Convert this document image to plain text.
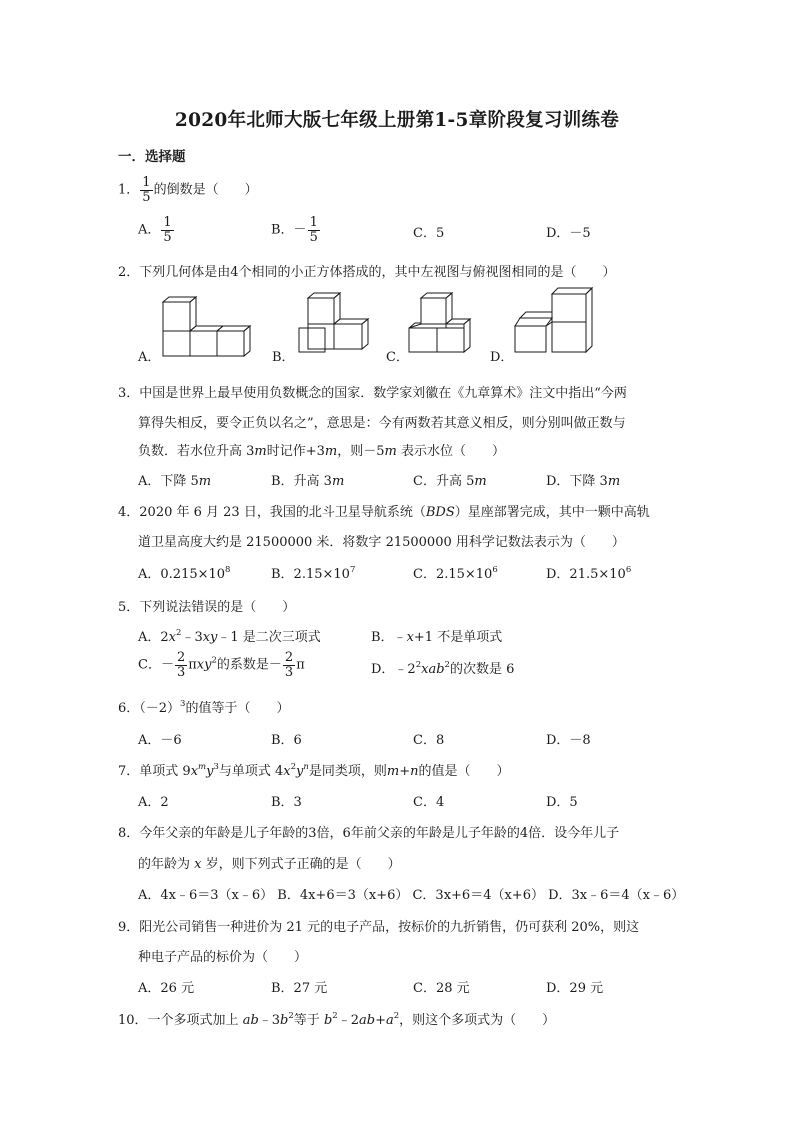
2020年北师大版七年级上册第1-5章阶段复习训练卷
一．选择题
1． $\frac{1}{5}$ 的倒数是（　　）
A． $\frac{1}{5}$	B．－ $\frac{1}{5}$	C．5	D．－5
2．下列几何体是由4个相同的小正方体搭成的，其中左视图与俯视图相同的是（　　）
A．	B．	C．	D．
3．中国是世界上最早使用负数概念的国家．数学家刘徽在《九章算术》注文中指出“今两
算得失相反，要令正负以名之”，意思是：今有两数若其意义相反，则分别叫做正数与
负数．若水位升高 3m时记作+3m，则－5m 表示水位（　　）
A．下降 5m	B．升高 3m	C．升高 5m	D．下降 3m
4．2020 年 6 月 23 日，我国的北斗卫星导航系统（BDS）星座部署完成，其中一颗中高轨
道卫星高度大约是 21500000 米．将数字 21500000 用科学记数法表示为（　　）
A．$0.215\times 10^8$	B．$2.15\times 10^7$	C．$2.15\times 10^6$	D．$21.5\times 10^6$
5．下列说法错误的是（　　）
A．$2x^2﹣3xy﹣1$ 是二次三项式	B．﹣x+1 不是单项式
C．－ $\frac{2}{3} \pi xy^2$的系数是－ $\frac{2}{3}$ π	D．$﹣2^2xab^2$的次数是 6
6．$(-2)^3$的值等于（　　）
A．－6	B．6	C．8	D．－8
7．单项式 $9x^my^3$与单项式 $4x^2y^n$是同类项，则m+n的值是（　　）
A．2	B．3	C．4	D．5
8．今年父亲的年龄是儿子年龄的3倍，6年前父亲的年龄是儿子年龄的4倍．设今年儿子
的年龄为 x 岁，则下列式子正确的是（　　）
A．4x﹣6＝3（x﹣6） B．4x+6＝3（x+6） C．3x+6＝4（x+6） D．3x﹣6＝4（x﹣6）
9．阳光公司销售一种进价为 21 元的电子产品，按标价的九折销售，仍可获利 20%，则这
种电子产品的标价为（　　）
A．26 元	B．27 元	C．28 元	D．29 元
10．一个多项式加上 $ab﹣3b^2$等于 $b^2﹣2ab+a^2$，则这个多项式为（　　）
